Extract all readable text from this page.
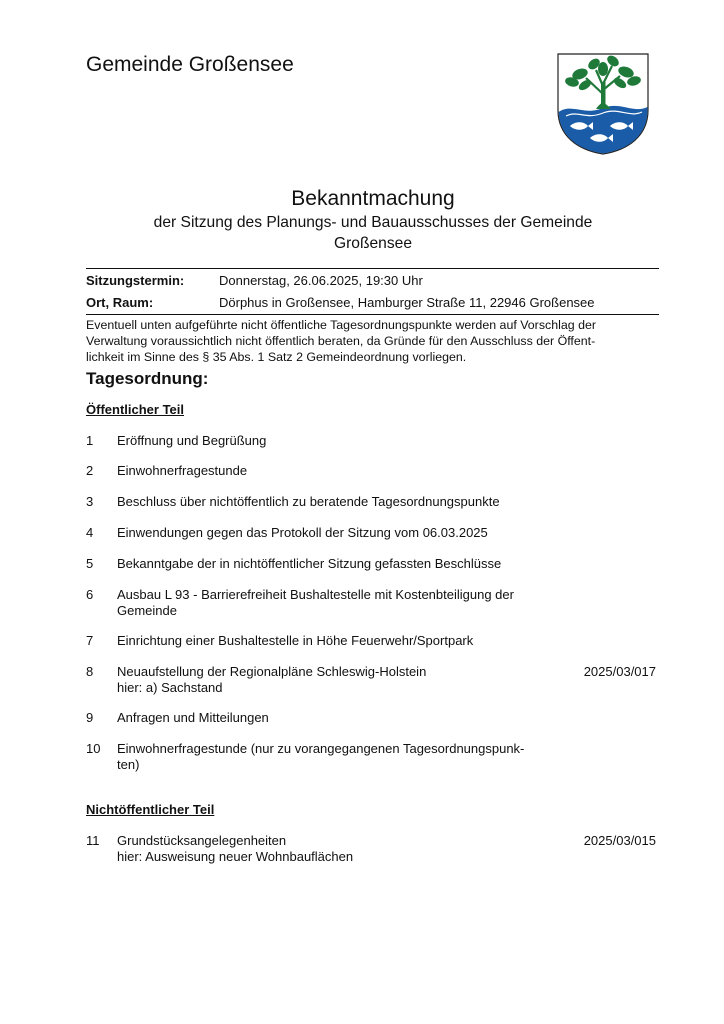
Gemeinde Großensee
Bekanntmachung
der Sitzung des Planungs- und Bauausschusses der Gemeinde
Großensee
Sitzungstermin:	Donnerstag, 26.06.2025, 19:30 Uhr
Ort, Raum:	Dörphus in Großensee, Hamburger Straße 11, 22946 Großensee
Eventuell unten aufgeführte nicht öffentliche Tagesordnungspunkte werden auf Vorschlag der
Verwaltung voraussichtlich nicht öffentlich beraten, da Gründe für den Ausschluss der Öffent-
lichkeit im Sinne des § 35 Abs. 1 Satz 2 Gemeindeordnung vorliegen.
Tagesordnung:
Öffentlicher Teil
1 Eröffnung und Begrüßung
2 Einwohnerfragestunde
3 Beschluss über nichtöffentlich zu beratende Tagesordnungspunkte
4 Einwendungen gegen das Protokoll der Sitzung vom 06.03.2025
5 Bekanntgabe der in nichtöffentlicher Sitzung gefassten Beschlüsse
6 Ausbau L 93 - Barrierefreiheit Bushaltestelle mit Kostenbteiligung der
Gemeinde
7 Einrichtung einer Bushaltestelle in Höhe Feuerwehr/Sportpark
8 Neuaufstellung der Regionalpläne Schleswig-Holstein
hier: a) Sachstand
2025/03/017
9 Anfragen und Mitteilungen
10 Einwohnerfragestunde (nur zu vorangegangenen Tagesordnungspunk-
ten)
Nichtöffentlicher Teil
11 Grundstücksangelegenheiten
hier: Ausweisung neuer Wohnbauflächen
2025/03/015
